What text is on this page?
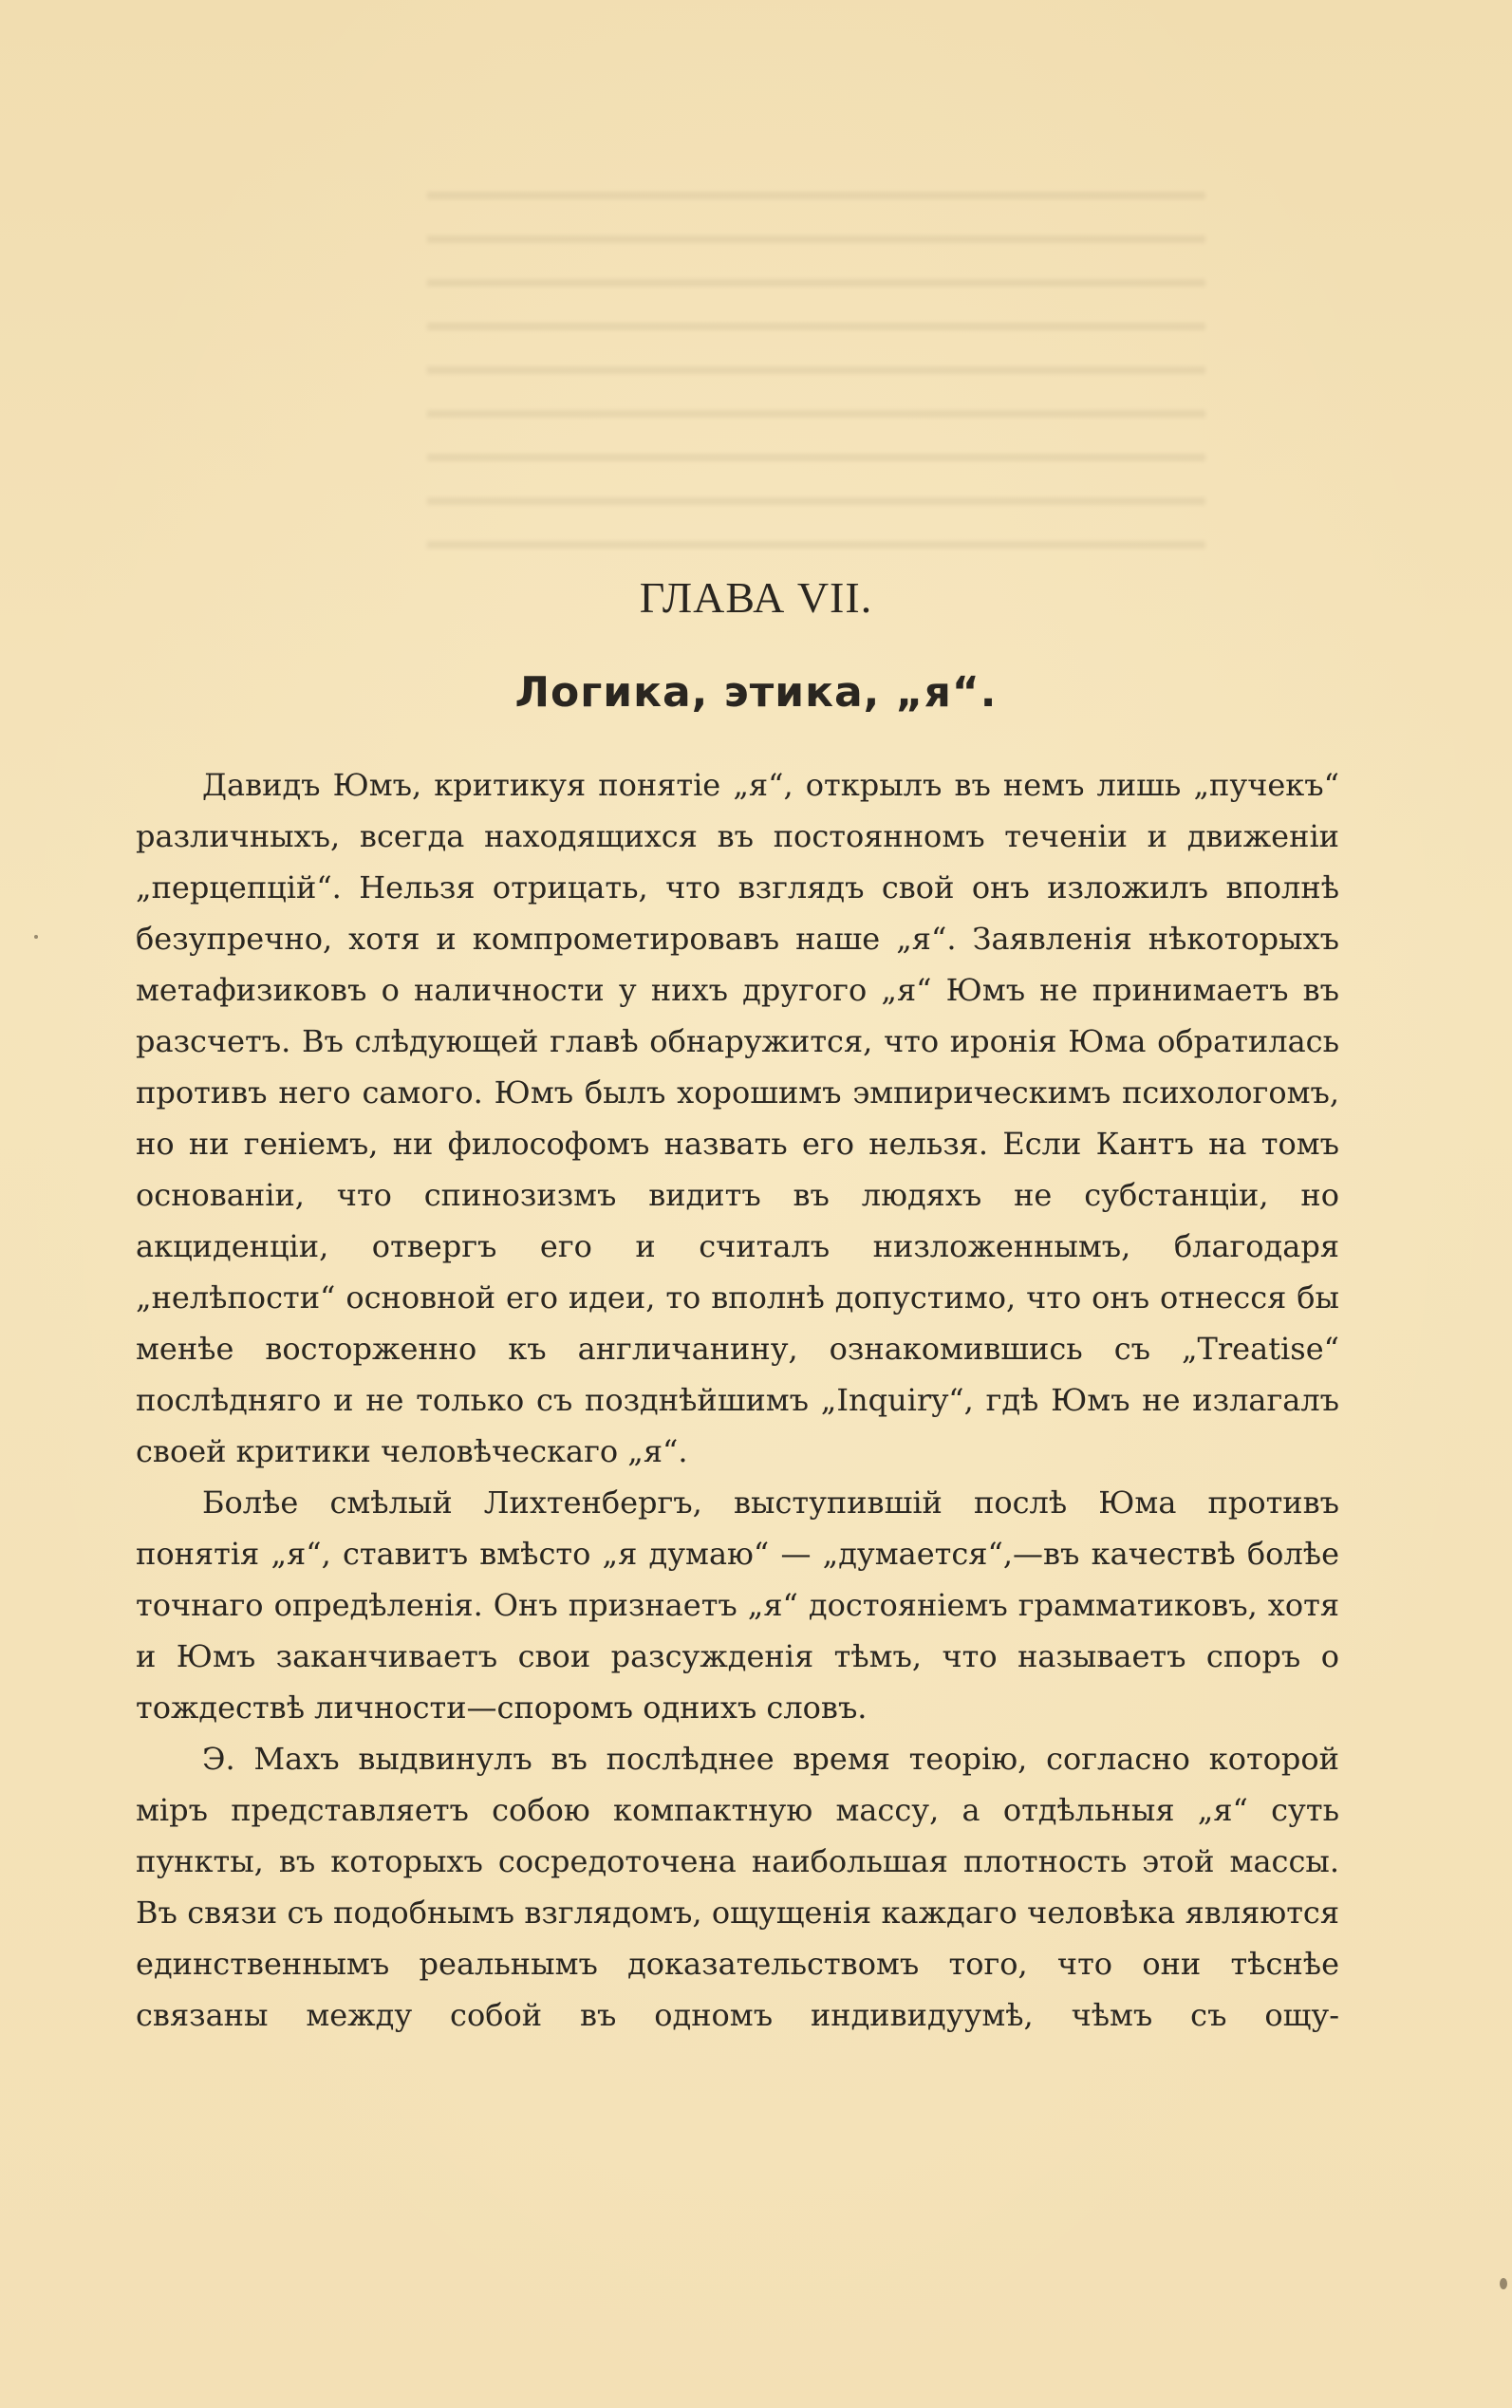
ГЛАВА VII.
Логика, этика, „я“.

Давидъ Юмъ, критикуя понятіе „я“, открылъ въ немъ лишь „пучекъ“ различныхъ, всегда находящихся въ постоянномъ теченіи и движеніи „перцепцій“. Нельзя отрицать, что взглядъ свой онъ изложилъ вполнѣ безупречно, хотя и компрометировавъ наше „я“. Заявленія нѣкоторыхъ метафизиковъ о наличности у нихъ другого „я“ Юмъ не принимаетъ въ разсчетъ. Въ слѣдующей главѣ обнаружится, что иронія Юма обратилась противъ него самого. Юмъ былъ хорошимъ эмпирическимъ психологомъ, но ни геніемъ, ни философомъ назвать его нельзя. Если Кантъ на томъ основаніи, что спинозизмъ видитъ въ людяхъ не субстанціи, но акциденціи, отвергъ его и считалъ низложеннымъ, благодаря „нелѣпости“ основной его идеи, то вполнѣ допустимо, что онъ отнесся бы менѣе восторженно къ англичанину, ознакомившись съ „Treatise“ послѣдняго и не только съ позднѣйшимъ „Inquiry“, гдѣ Юмъ не излагалъ своей критики человѣческаго „я“.

Болѣе смѣлый Лихтенбергъ, выступившій послѣ Юма противъ понятія „я“, ставитъ вмѣсто „я думаю“ — „думается“,—въ качествѣ болѣе точнаго опредѣленія. Онъ признаетъ „я“ достояніемъ грамматиковъ, хотя и Юмъ заканчиваетъ свои разсужденія тѣмъ, что называетъ споръ о тождествѣ личности—споромъ однихъ словъ.

Э. Махъ выдвинулъ въ послѣднее время теорію, согласно которой міръ представляетъ собою компактную массу, а отдѣльныя „я“ суть пункты, въ которыхъ сосредоточена наибольшая плотность этой массы. Въ связи съ подобнымъ взглядомъ, ощущенія каждаго человѣка являются единственнымъ реальнымъ доказательствомъ того, что они тѣснѣе связаны между собой въ одномъ индивидуумѣ, чѣмъ съ ощу-
